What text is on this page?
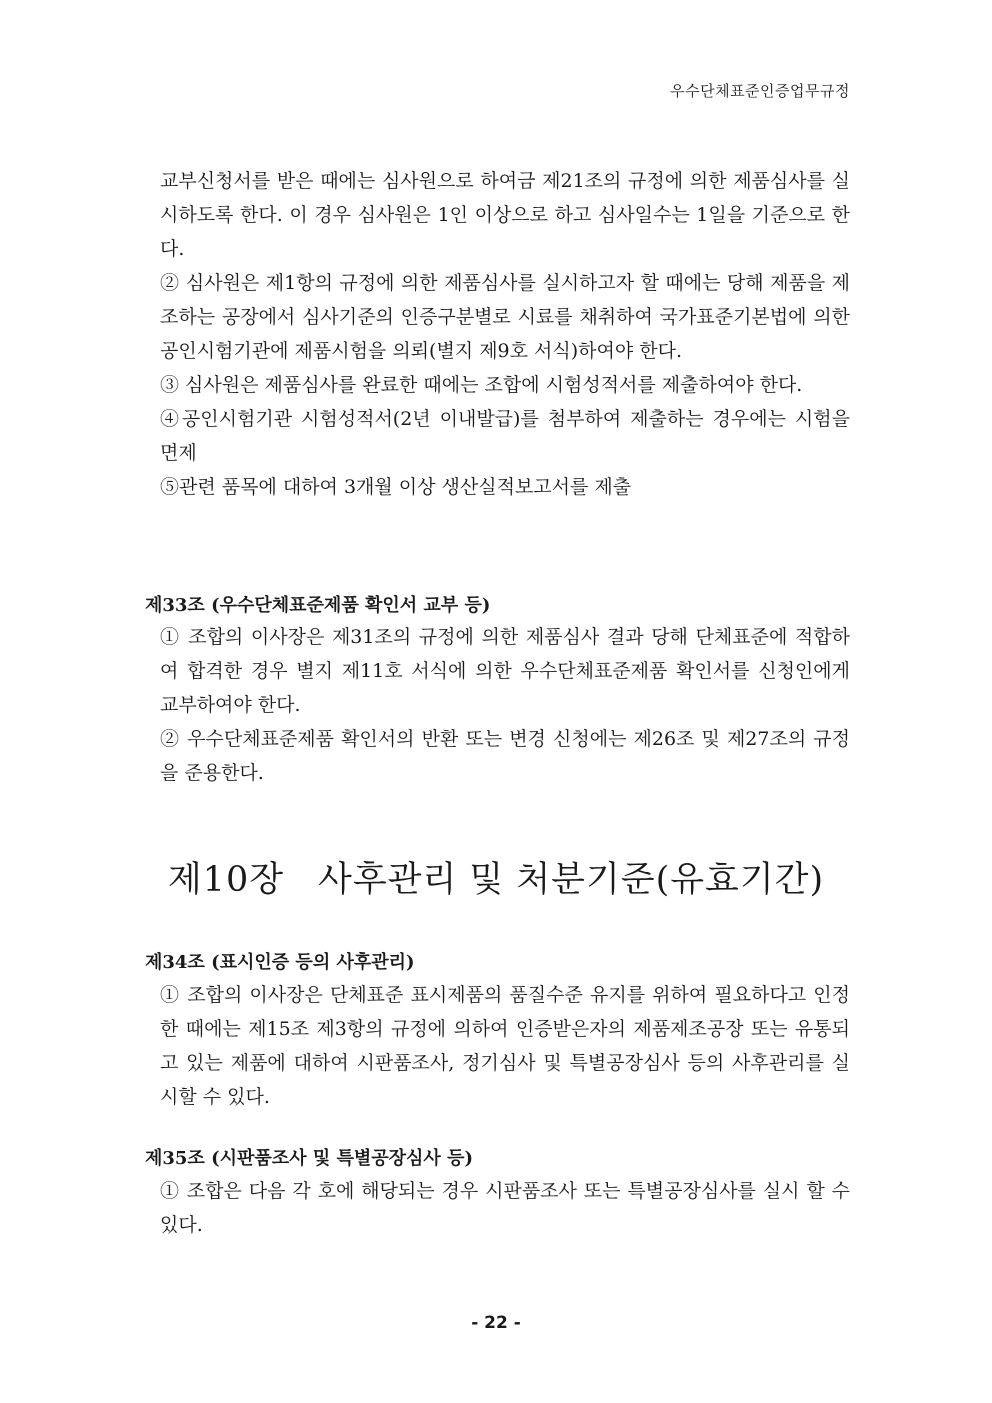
우수단체표준인증업무규정

교부신청서를 받은 때에는 심사원으로 하여금 제21조의 규정에 의한 제품심사를 실시하도록 한다. 이 경우 심사원은 1인 이상으로 하고 심사일수는 1일을 기준으로 한다.

② 심사원은 제1항의 규정에 의한 제품심사를 실시하고자 할 때에는 당해 제품을 제조하는 공장에서 심사기준의 인증구분별로 시료를 채취하여 국가표준기본법에 의한 공인시험기관에 제품시험을 의뢰(별지 제9호 서식)하여야 한다.

③ 심사원은 제품심사를 완료한 때에는 조합에 시험성적서를 제출하여야 한다.

④공인시험기관 시험성적서(2년 이내발급)를 첨부하여 제출하는 경우에는 시험을 면제

⑤관련 품목에 대하여 3개월 이상 생산실적보고서를 제출

제33조 (우수단체표준제품 확인서 교부 등)

① 조합의 이사장은 제31조의 규정에 의한 제품심사 결과 당해 단체표준에 적합하여 합격한 경우 별지 제11호 서식에 의한 우수단체표준제품 확인서를 신청인에게 교부하여야 한다.

② 우수단체표준제품 확인서의 반환 또는 변경 신청에는 제26조 및 제27조의 규정을 준용한다.

제10장 사후관리 및 처분기준(유효기간)
제34조 (표시인증 등의 사후관리)

① 조합의 이사장은 단체표준 표시제품의 품질수준 유지를 위하여 필요하다고 인정한 때에는 제15조 제3항의 규정에 의하여 인증받은자의 제품제조공장 또는 유통되고 있는 제품에 대하여 시판품조사, 정기심사 및 특별공장심사 등의 사후관리를 실시할 수 있다.

제35조 (시판품조사 및 특별공장심사 등)

① 조합은 다음 각 호에 해당되는 경우 시판품조사 또는 특별공장심사를 실시 할 수 있다.

- 22 -
